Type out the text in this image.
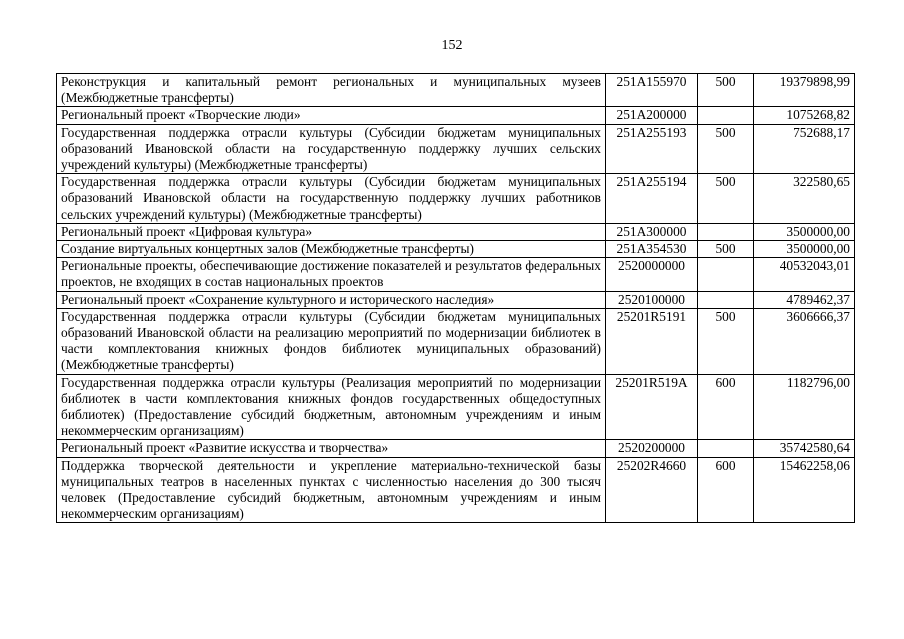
152
Реконструкция и капитальный ремонт региональных и муниципальных музеев (Межбюджетные трансферты)	251A155970	500	19379898,99
Региональный проект «Творческие люди»	251A200000		1075268,82
Государственная поддержка отрасли культуры (Субсидии бюджетам муниципальных образований Ивановской области на государственную поддержку лучших сельских учреждений культуры) (Межбюджетные трансферты)	251A255193	500	752688,17
Государственная поддержка отрасли культуры (Субсидии бюджетам муниципальных образований Ивановской области на государственную поддержку лучших работников сельских учреждений культуры) (Межбюджетные трансферты)	251A255194	500	322580,65
Региональный проект «Цифровая культура»	251A300000		3500000,00
Создание виртуальных концертных залов (Межбюджетные трансферты)	251A354530	500	3500000,00
Региональные проекты, обеспечивающие достижение показателей и результатов федеральных проектов, не входящих в состав национальных проектов	2520000000		40532043,01
Региональный проект «Сохранение культурного и исторического наследия»	2520100000		4789462,37
Государственная поддержка отрасли культуры (Субсидии бюджетам муниципальных образований Ивановской области на реализацию мероприятий по модернизации библиотек в части комплектования книжных фондов библиотек муниципальных образований) (Межбюджетные трансферты)	25201R5191	500	3606666,37
Государственная поддержка отрасли культуры (Реализация мероприятий по модернизации библиотек в части комплектования книжных фондов государственных общедоступных библиотек) (Предоставление субсидий бюджетным, автономным учреждениям и иным некоммерческим организациям)	25201R519A	600	1182796,00
Региональный проект «Развитие искусства и творчества»	2520200000		35742580,64
Поддержка творческой деятельности и укрепление материально-технической базы муниципальных театров в населенных пунктах с численностью населения до 300 тысяч человек (Предоставление субсидий бюджетным, автономным учреждениям и иным некоммерческим организациям)	25202R4660	600	15462258,06
